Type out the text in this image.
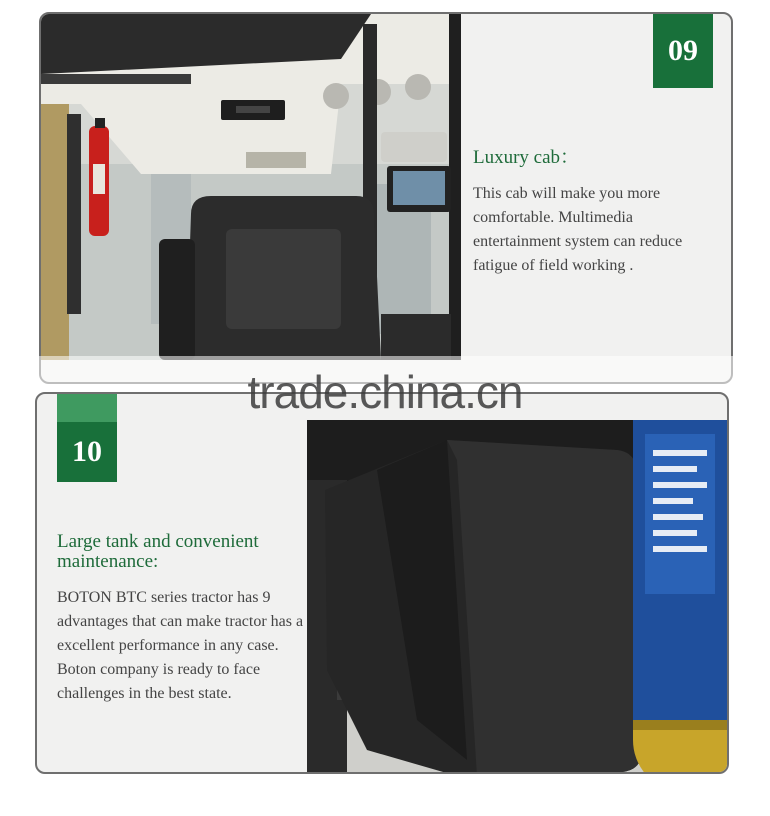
09
Luxury cab：
This cab will make you more comfortable. Multimedia entertainment system can reduce fatigue of field working .
10
Large tank and convenient maintenance:
BOTON BTC series tractor has 9 advantages that can make tractor has a excellent performance in any case. Boton company is ready to face challenges in the best state.
trade.china.cn
